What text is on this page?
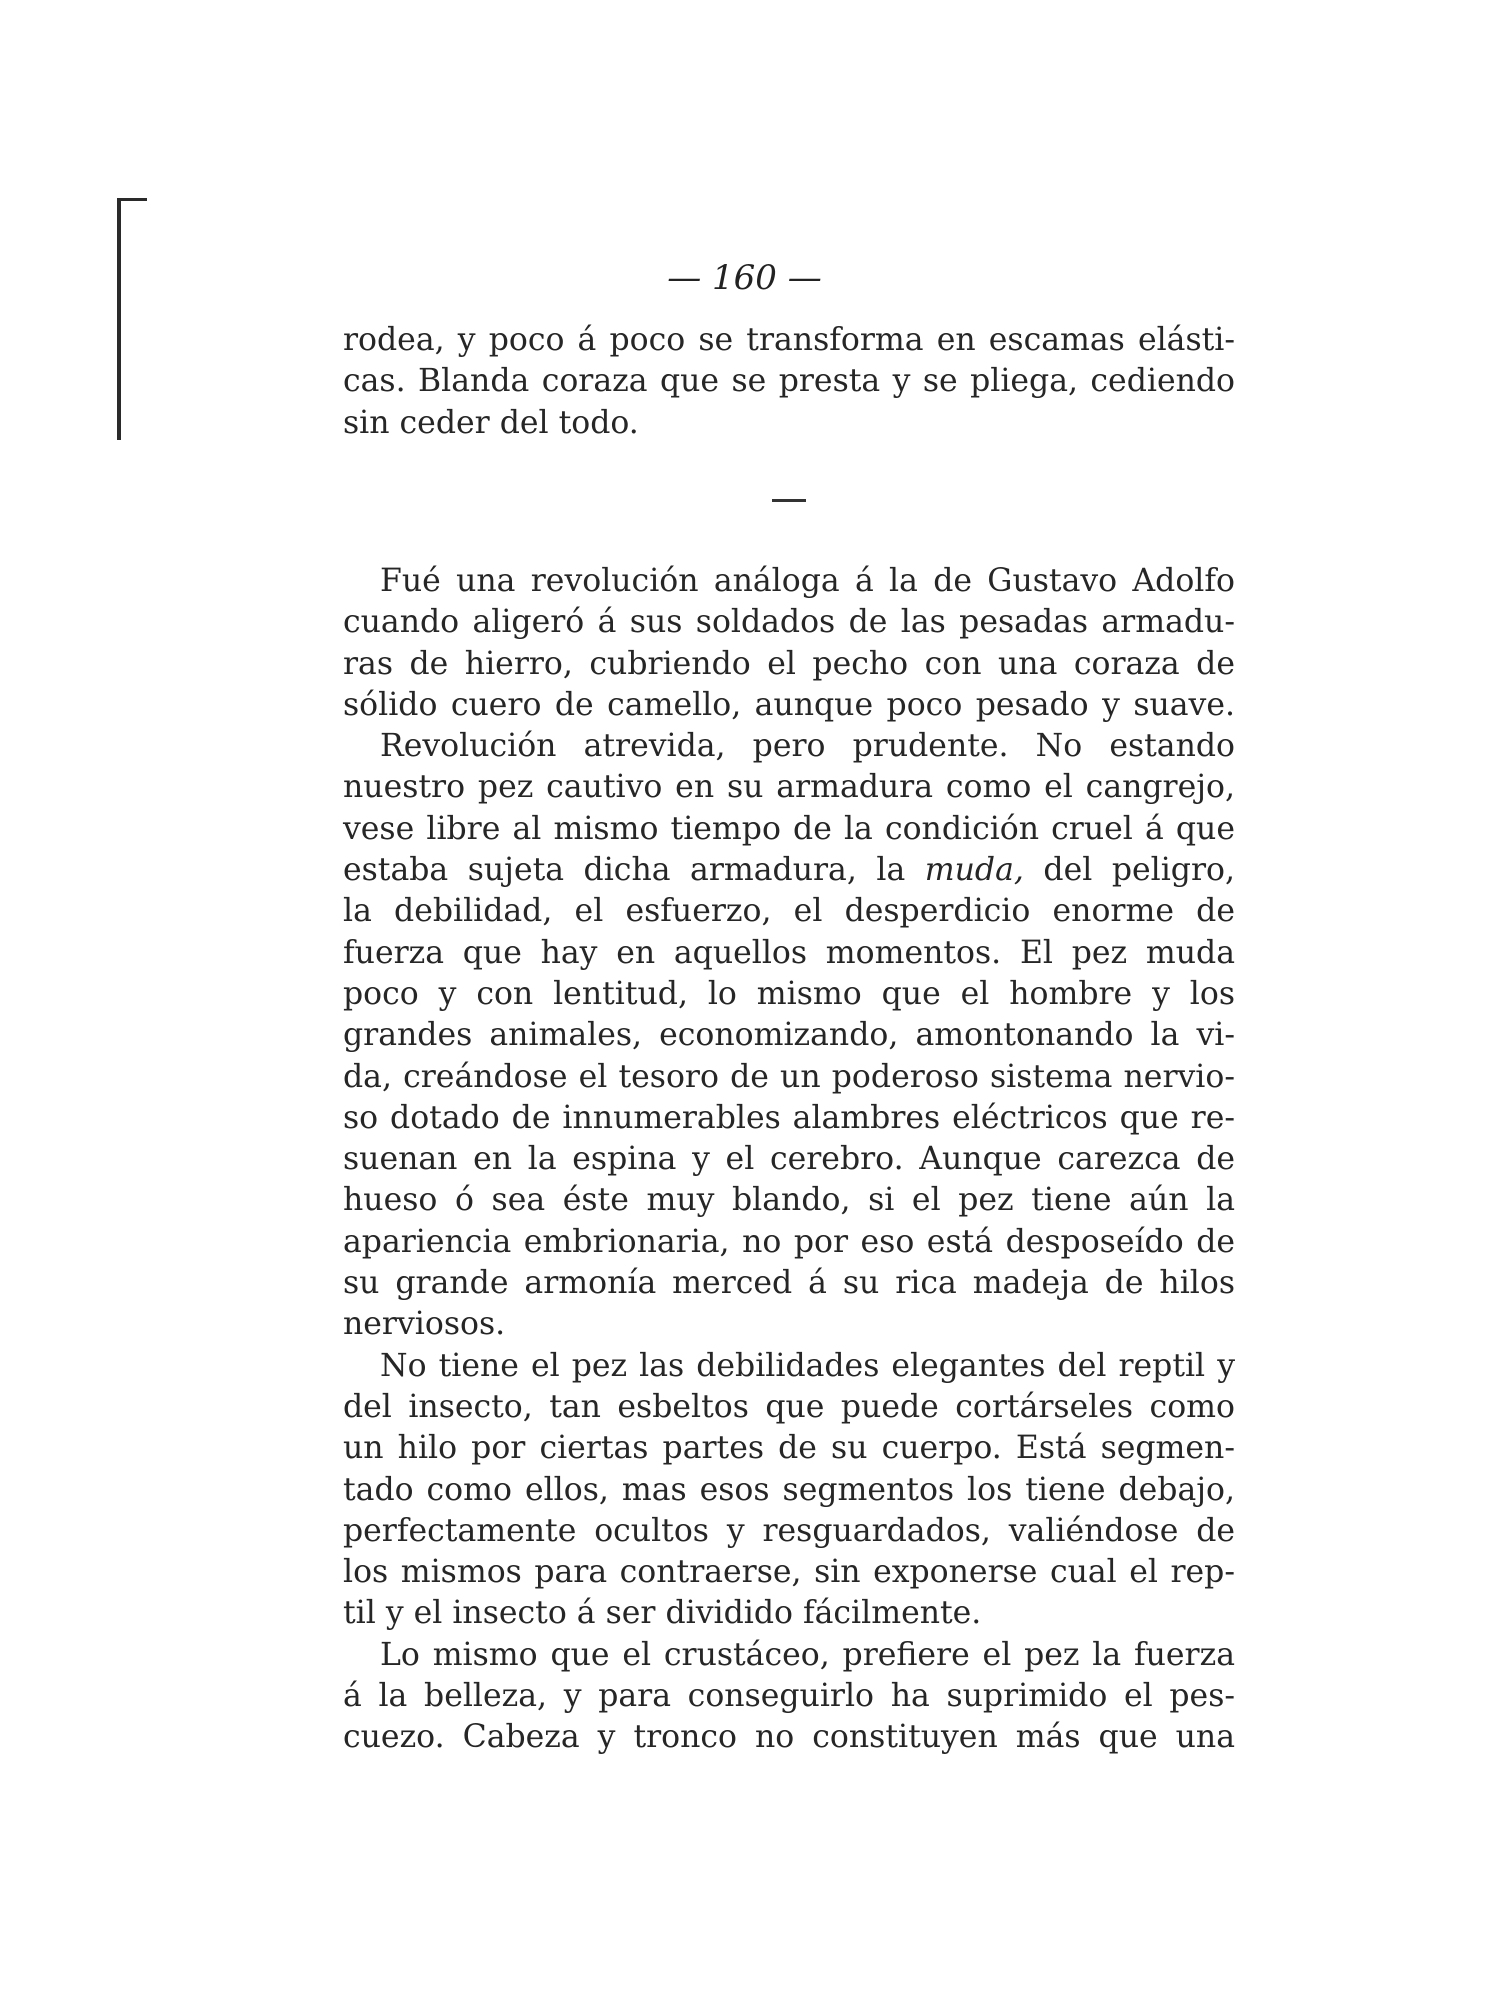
— 160 —
rodea, y poco á poco se transforma en escamas elásti-
cas. Blanda coraza que se presta y se pliega, cediendo
sin ceder del todo.
Fué una revolución análoga á la de Gustavo Adolfo
cuando aligeró á sus soldados de las pesadas armadu-
ras de hierro, cubriendo el pecho con una coraza de
sólido cuero de camello, aunque poco pesado y suave.
Revolución atrevida, pero prudente. No estando
nuestro pez cautivo en su armadura como el cangrejo,
vese libre al mismo tiempo de la condición cruel á que
estaba sujeta dicha armadura, la muda, del peligro,
la debilidad, el esfuerzo, el desperdicio enorme de
fuerza que hay en aquellos momentos. El pez muda
poco y con lentitud, lo mismo que el hombre y los
grandes animales, economizando, amontonando la vi-
da, creándose el tesoro de un poderoso sistema nervio-
so dotado de innumerables alambres eléctricos que re-
suenan en la espina y el cerebro. Aunque carezca de
hueso ó sea éste muy blando, si el pez tiene aún la
apariencia embrionaria, no por eso está desposeído de
su grande armonía merced á su rica madeja de hilos
nerviosos.
No tiene el pez las debilidades elegantes del reptil y
del insecto, tan esbeltos que puede cortárseles como
un hilo por ciertas partes de su cuerpo. Está segmen-
tado como ellos, mas esos segmentos los tiene debajo,
perfectamente ocultos y resguardados, valiéndose de
los mismos para contraerse, sin exponerse cual el rep-
til y el insecto á ser dividido fácilmente.
Lo mismo que el crustáceo, prefiere el pez la fuerza
á la belleza, y para conseguirlo ha suprimido el pes-
cuezo. Cabeza y tronco no constituyen más que una
